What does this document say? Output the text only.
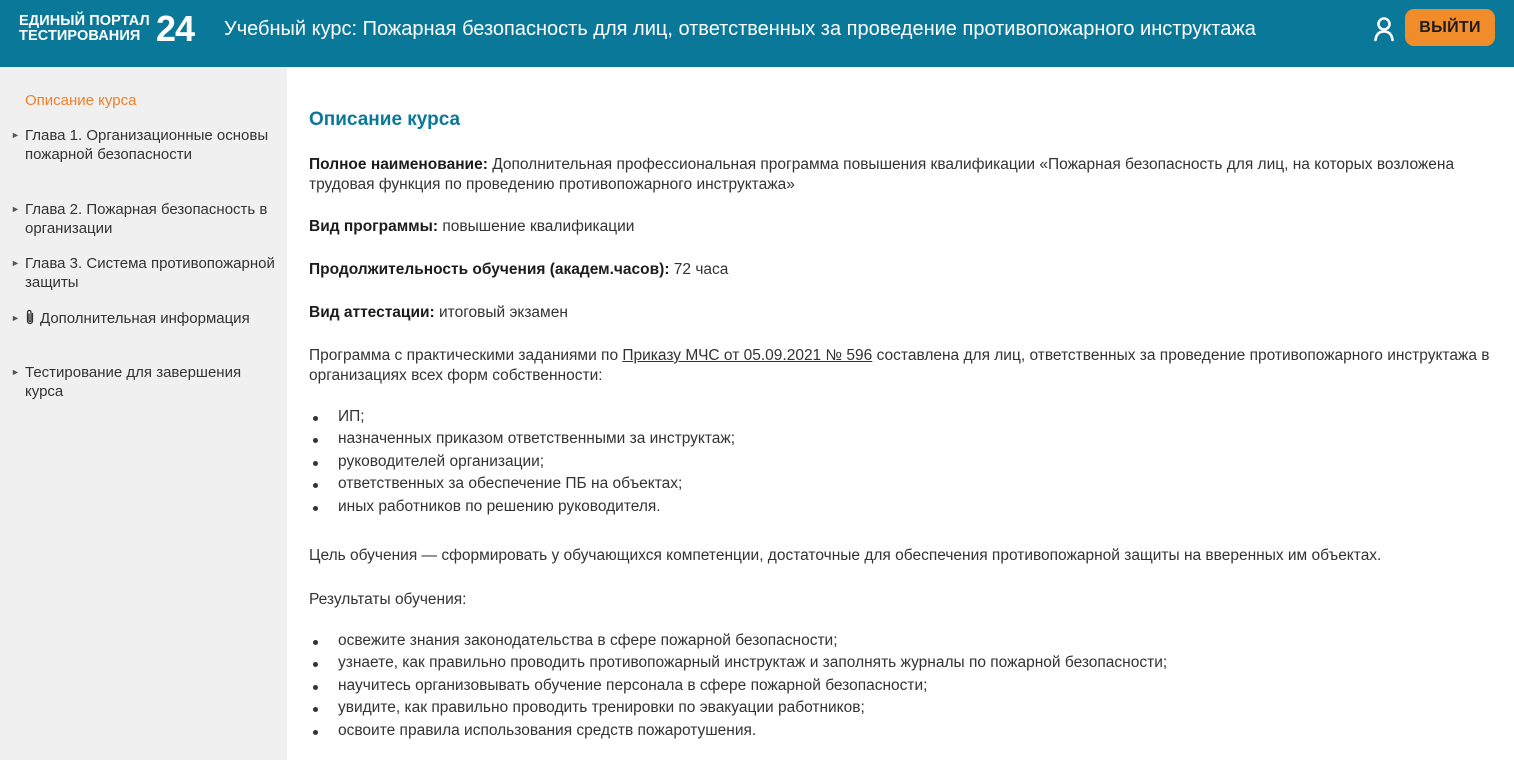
ЕДИНЫЙ ПОРТАЛ
ТЕСТИРОВАНИЯ 24 Учебный курс: Пожарная безопасность для лиц, ответственных за проведение противопожарного инструктажа	ВЫЙТИ
Описание курса
► Глава 1. Организационные основы пожарной безопасности
► Глава 2. Пожарная безопасность в организации
► Глава 3. Система противопожарной защиты
► Дополнительная информация
► Тестирование для завершения курса
Описание курса
Полное наименование: Дополнительная профессиональная программа повышения квалификации «Пожарная безопасность для лиц, на которых возложена трудовая функция по проведению противопожарного инструктажа»
Вид программы: повышение квалификации
Продолжительность обучения (академ.часов): 72 часа
Вид аттестации: итоговый экзамен
Программа с практическими заданиями по Приказу МЧС от 05.09.2021 № 596 составлена для лиц, ответственных за проведение противопожарного инструктажа в организациях всех форм собственности:
ИП;
назначенных приказом ответственными за инструктаж;
руководителей организации;
ответственных за обеспечение ПБ на объектах;
иных работников по решению руководителя.
Цель обучения — сформировать у обучающихся компетенции, достаточные для обеспечения противопожарной защиты на вверенных им объектах.
Результаты обучения:
освежите знания законодательства в сфере пожарной безопасности;
узнаете, как правильно проводить противопожарный инструктаж и заполнять журналы по пожарной безопасности;
научитесь организовывать обучение персонала в сфере пожарной безопасности;
увидите, как правильно проводить тренировки по эвакуации работников;
освоите правила использования средств пожаротушения.
